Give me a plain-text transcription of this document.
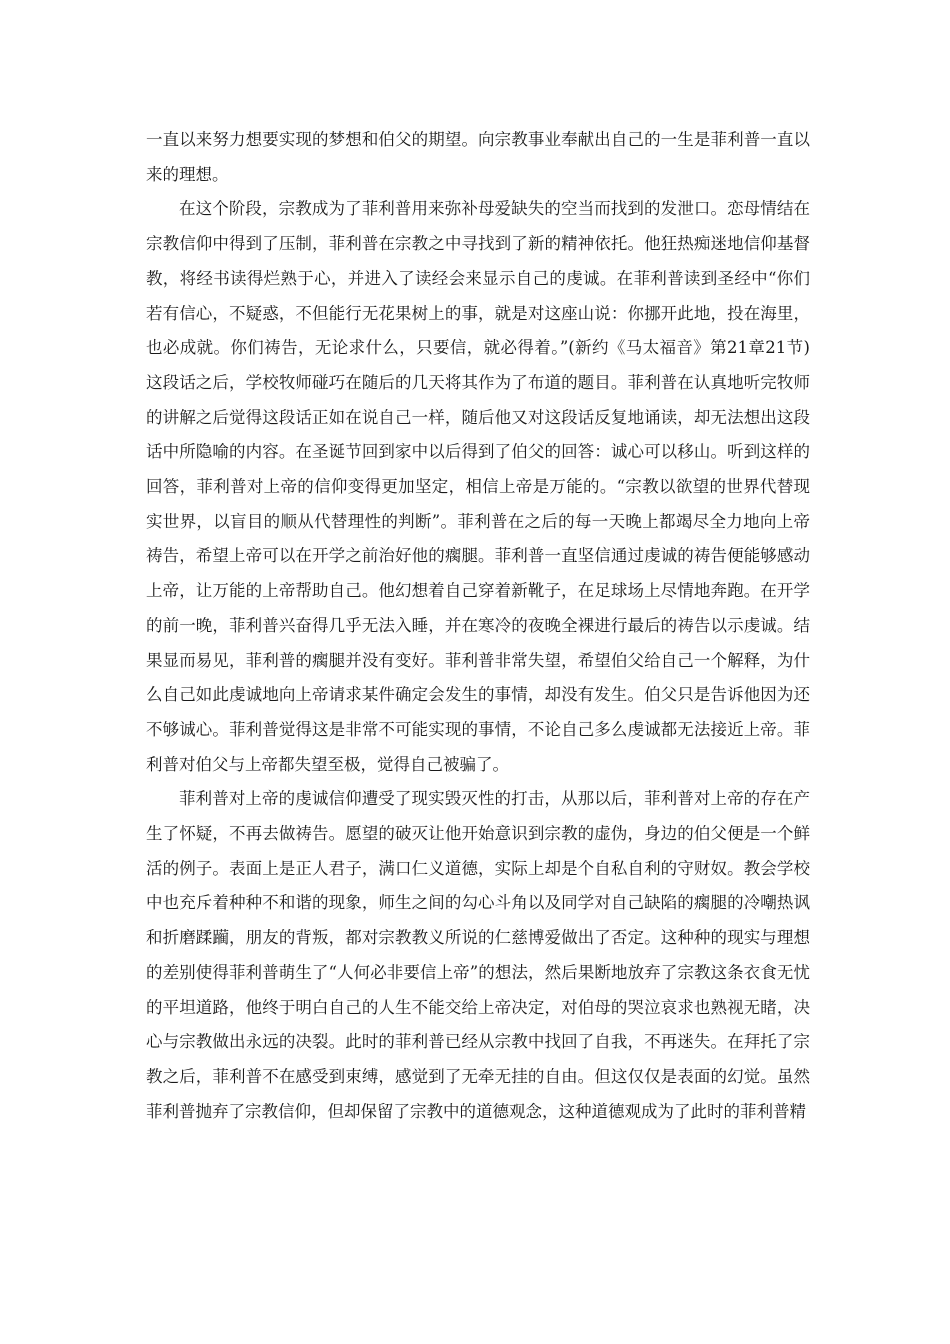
一直以来努力想要实现的梦想和伯父的期望。向宗教事业奉献出自己的一生是菲利普一直以来的理想。

在这个阶段，宗教成为了菲利普用来弥补母爱缺失的空当而找到的发泄口。恋母情结在宗教信仰中得到了压制，菲利普在宗教之中寻找到了新的精神依托。他狂热痴迷地信仰基督教，将经书读得烂熟于心，并进入了读经会来显示自己的虔诚。在菲利普读到圣经中“你们若有信心，不疑惑，不但能行无花果树上的事，就是对这座山说：你挪开此地，投在海里，也必成就。你们祷告，无论求什么，只要信，就必得着。”(新约《马太福音》第21章21节)这段话之后，学校牧师碰巧在随后的几天将其作为了布道的题目。菲利普在认真地听完牧师的讲解之后觉得这段话正如在说自己一样，随后他又对这段话反复地诵读，却无法想出这段话中所隐喻的内容。在圣诞节回到家中以后得到了伯父的回答：诚心可以移山。听到这样的回答，菲利普对上帝的信仰变得更加坚定，相信上帝是万能的。“宗教以欲望的世界代替现实世界，以盲目的顺从代替理性的判断”。菲利普在之后的每一天晚上都竭尽全力地向上帝祷告，希望上帝可以在开学之前治好他的瘸腿。菲利普一直坚信通过虔诚的祷告便能够感动上帝，让万能的上帝帮助自己。他幻想着自己穿着新靴子，在足球场上尽情地奔跑。在开学的前一晚，菲利普兴奋得几乎无法入睡，并在寒冷的夜晚全裸进行最后的祷告以示虔诚。结果显而易见，菲利普的瘸腿并没有变好。菲利普非常失望，希望伯父给自己一个解释，为什么自己如此虔诚地向上帝请求某件确定会发生的事情，却没有发生。伯父只是告诉他因为还不够诚心。菲利普觉得这是非常不可能实现的事情，不论自己多么虔诚都无法接近上帝。菲利普对伯父与上帝都失望至极，觉得自己被骗了。

菲利普对上帝的虔诚信仰遭受了现实毁灭性的打击，从那以后，菲利普对上帝的存在产生了怀疑，不再去做祷告。愿望的破灭让他开始意识到宗教的虚伪，身边的伯父便是一个鲜活的例子。表面上是正人君子，满口仁义道德，实际上却是个自私自利的守财奴。教会学校中也充斥着种种不和谐的现象，师生之间的勾心斗角以及同学对自己缺陷的瘸腿的冷嘲热讽和折磨蹂躏，朋友的背叛，都对宗教教义所说的仁慈博爱做出了否定。这种种的现实与理想的差别使得菲利普萌生了“人何必非要信上帝”的想法，然后果断地放弃了宗教这条衣食无忧的平坦道路，他终于明白自己的人生不能交给上帝决定，对伯母的哭泣哀求也熟视无睹，决心与宗教做出永远的决裂。此时的菲利普已经从宗教中找回了自我，不再迷失。在拜托了宗教之后，菲利普不在感受到束缚，感觉到了无牵无挂的自由。但这仅仅是表面的幻觉。虽然菲利普抛弃了宗教信仰，但却保留了宗教中的道德观念，这种道德观成为了此时的菲利普精
